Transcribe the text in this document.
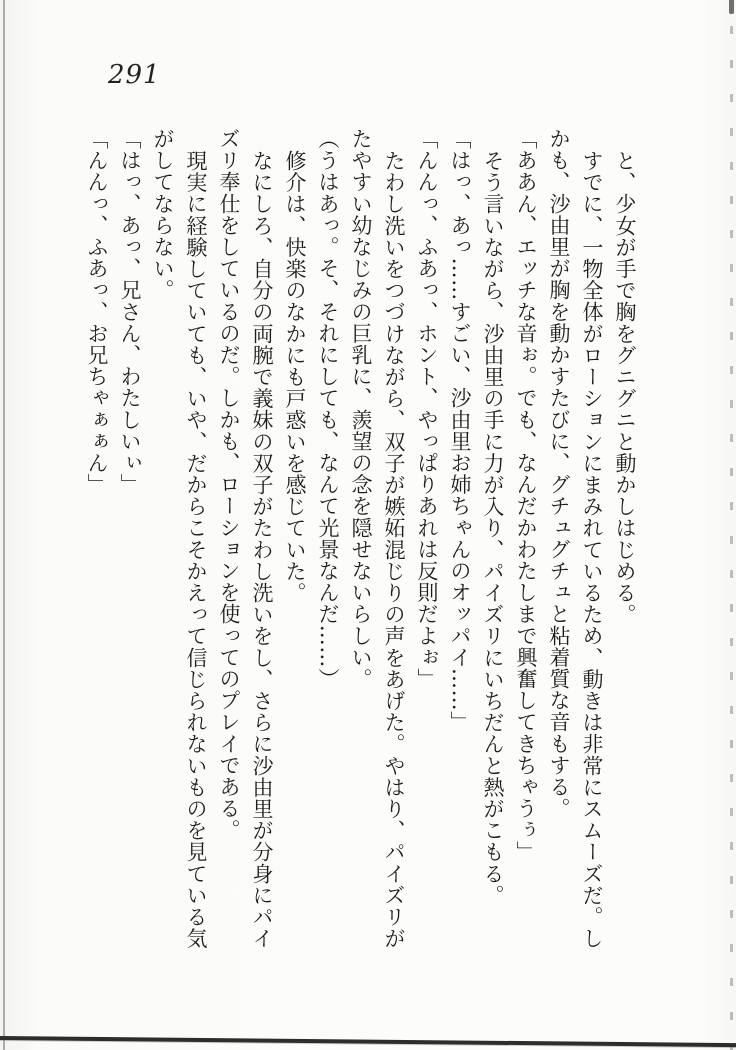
291

と、少女が手で胸をグニグニと動かしはじめる。

すでに、一物全体がローションにまみれているため、動きは非常にスムーズだ。しかも、沙由里が胸を動かすたびに、グチュグチュと粘着質な音もする。

「ああん、エッチな音ぉ。でも、なんだかわたしまで興奮してきちゃうぅ」

そう言いながら、沙由里の手に力が入り、パイズリにいちだんと熱がこもる。

「はっ、あっ……すごい、沙由里お姉ちゃんのオッパイ……」

「んんっ、ふあっ、ホント、やっぱりあれは反則だよぉ」

たわし洗いをつづけながら、双子が嫉妬混じりの声をあげた。やはり、パイズリがたやすい幼なじみの巨乳に、羨望の念を隠せないらしい。

（うはあっ。そ、それにしても、なんて光景なんだ……）

修介は、快楽のなかにも戸惑いを感じていた。

なにしろ、自分の両腕で義妹の双子がたわし洗いをし、さらに沙由里が分身にパイズリ奉仕をしているのだ。しかも、ローションを使ってのプレイである。

現実に経験していても、いや、だからこそかえって信じられないものを見ている気がしてならない。

「はっ、あっ、兄さん、わたしいぃ」

「んんっ、ふあっ、お兄ちゃぁぁん」
